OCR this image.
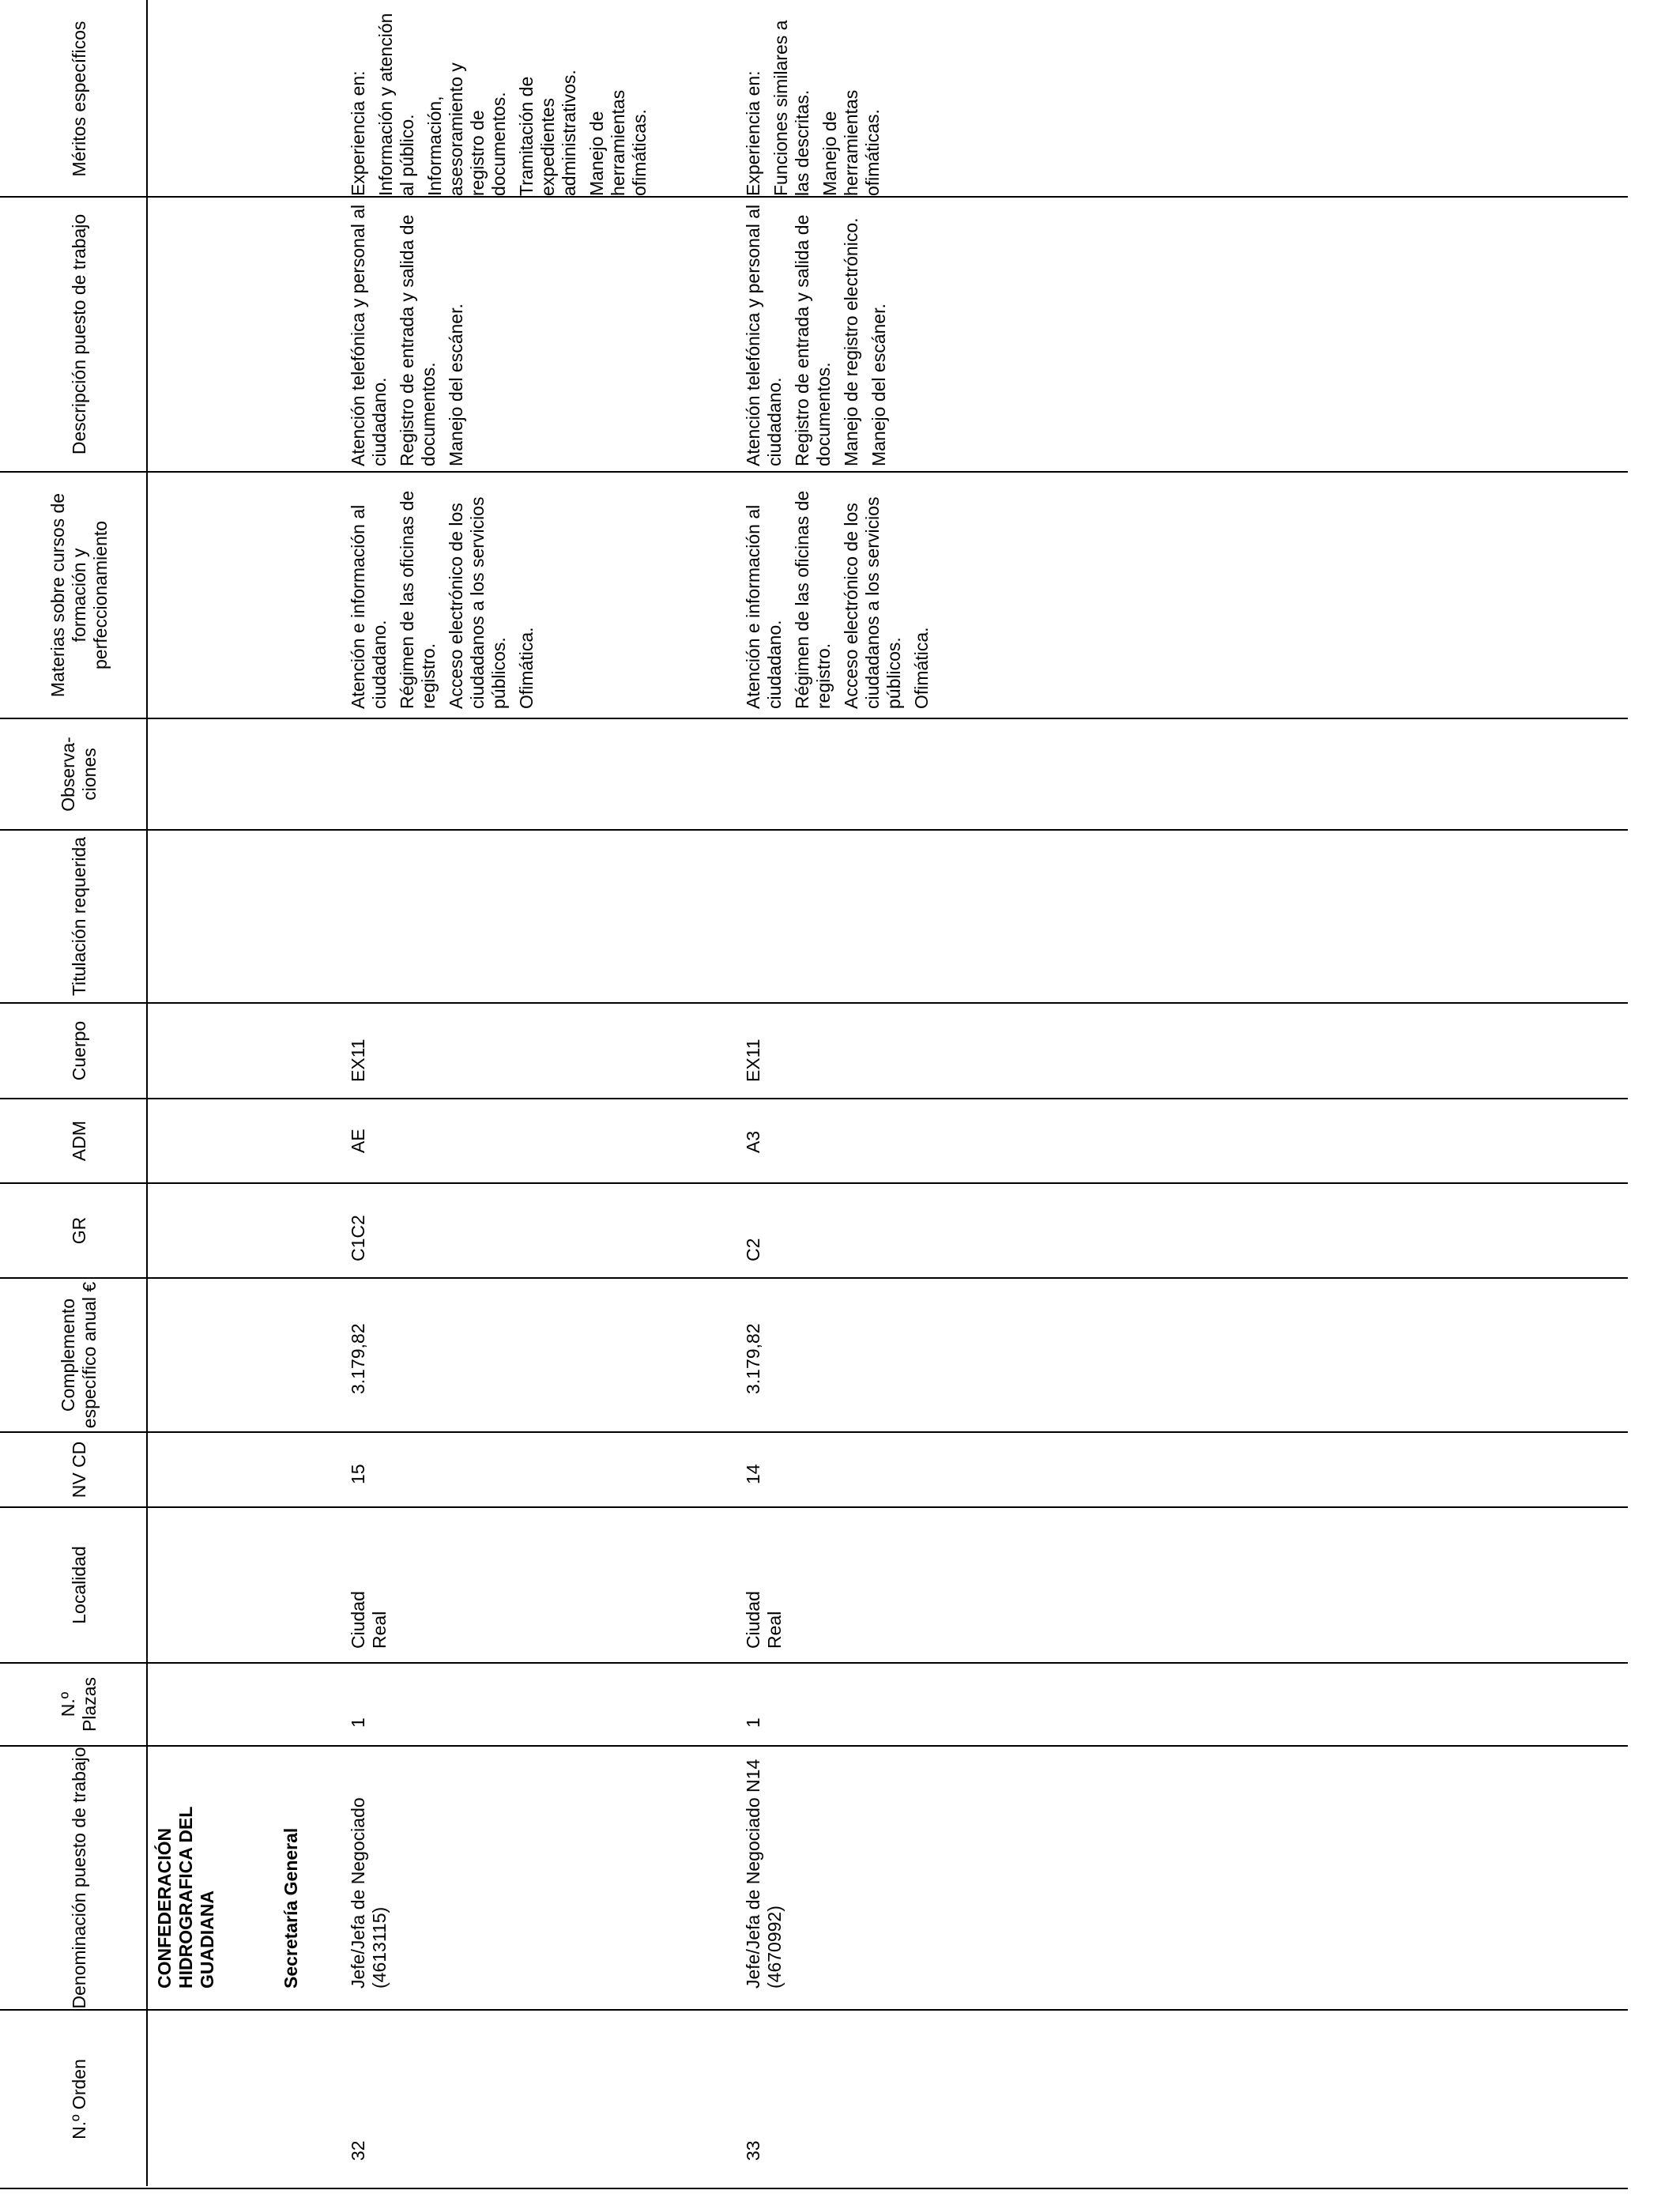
N.º Orden
Denominación puesto de trabajo
N.º Plazas
Localidad
NV CD
Complemento específico anual €
GR
ADM
Cuerpo
Titulación requerida
Observa-ciones
Materias sobre cursos de formación y perfeccionamiento
Descripción puesto de trabajo
Méritos específicos
CONFEDERACIÓN HIDROGRAFICA DEL GUADIANA	Secretaría General
32
Jefe/Jefa de Negociado (4613115)
1
Ciudad Real
15
3.179,82
C1C2
AE
EX11

Atención e información al ciudadano. Régimen de las oficinas de registro. Acceso electrónico de los ciudadanos a los servicios públicos. Ofimática.

Atención telefónica y personal al ciudadano. Registro de entrada y salida de documentos. Manejo del escáner.

Experiencia en: Información y atención al público. Información, asesoramiento y registro de documentos. Tramitación de expedientes administrativos. Manejo de herramientas ofimáticas.

33
Jefe/Jefa de Negociado N14 (4670992)
1
Ciudad Real
14
3.179,82
C2
A3
EX11

Atención e información al ciudadano. Régimen de las oficinas de registro. Acceso electrónico de los ciudadanos a los servicios públicos. Ofimática.

Atención telefónica y personal al ciudadano. Registro de entrada y salida de documentos. Manejo de registro electrónico. Manejo del escáner.

Experiencia en: Funciones similares a las descritas. Manejo de herramientas ofimáticas.
